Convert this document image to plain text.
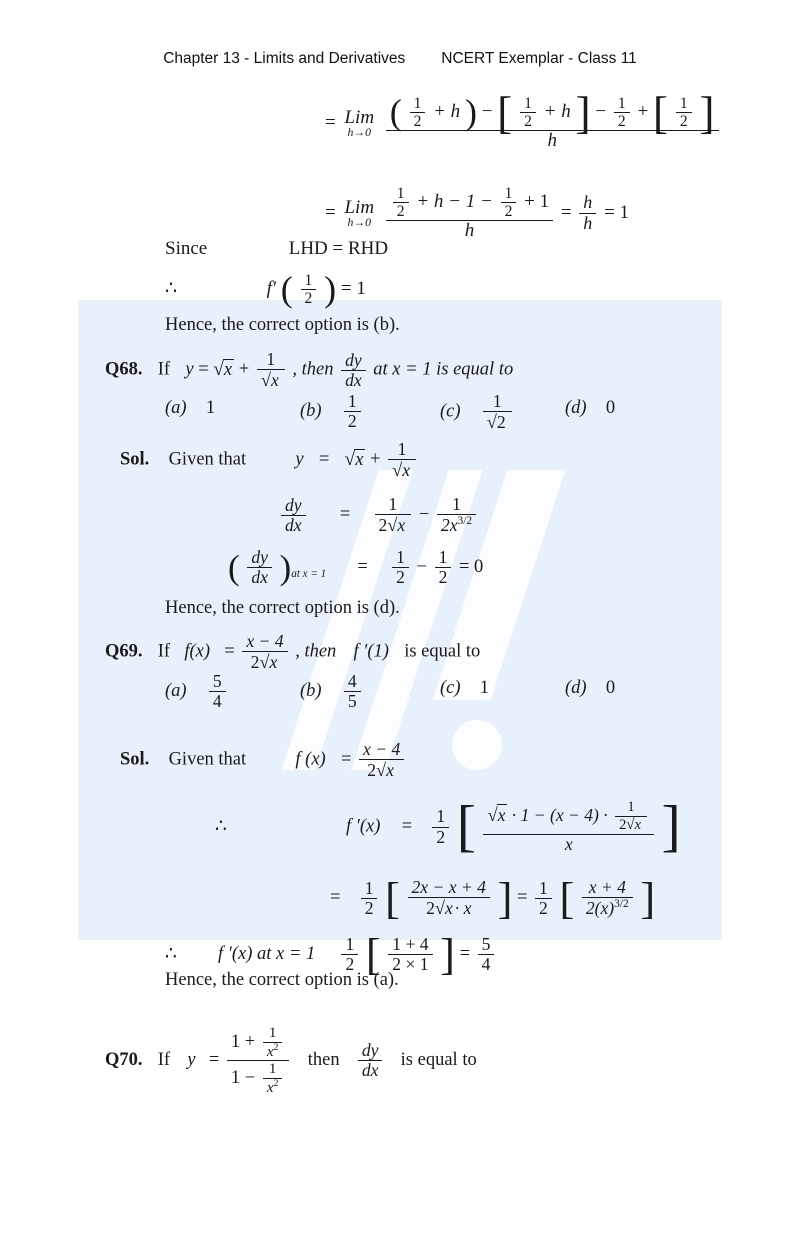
Chapter 13 - Limits and Derivatives NCERT Exemplar - Class 11
= Lim
h→0

( $\frac{1}{2} + h$ ) − [ $\frac{1}{2} + h$ ] − $\frac{1}{2}$ + [ $\frac{1}{2}$ ]
h
= Lim
h→0

$\frac{1}{2} + h - 1 - \frac{1}{2} + 1$
h
= $\frac{h}{h} = 1$
Since	LHD = RHD
∴	f′ ( $\frac{1}{2}$ ) = 1
Hence, the correct option is (b).
Q68. If $y = √x + \frac{1}{√x}$ , then $\frac{dy}{dx}$ at x = 1 is equal to
(a) 1	$(b) \frac{1}{2}$	$(c) \frac{1}{√2}$	(d) 0
Sol. Given that	$y = √x + \frac{1}{√x}$
$\frac{dy}{dx} = \frac{1}{2√x} - \frac{1}{2x^{3/2}}$
( $\frac{dy}{dx} )_{at x = 1} = \frac{1}{2} - \frac{1}{2} = 0$
Hence, the correct option is (d).
Q69. If $f(x) = \frac{x - 4}{2√x}$ , then f ′(1) is equal to
$(a) \frac{5}{4}$	$(b) \frac{4}{5}$	(c) 1	(d) 0
Sol. Given that	f $(x) = \frac{x - 4}{2√x}$
∴	f $'(x) = \frac{1}{2}$ [ $√x \cdot 1 - (x - 4) \cdot \frac{1}{2√x}$
x	]
= $\frac{1}{2}$ [ $\frac{2x - x + 4}{2√x \cdot x}$ ] = $\frac{1}{2}$ [ $\frac{x + 4}{2(x)^{3/2}}$ ]
∴ f ′(x) at $x = 1 \frac{1}{2}$ [ $\frac{1 + 4}{2 \times 1}$ ] = $\frac{5}{4}$
Hence, the correct option is (a).
Q70. If $y = \frac{1 + \frac{1}{x^2}}{1 - \frac{1}{x^2}}$ then $\frac{dy}{dx}$ is equal to
